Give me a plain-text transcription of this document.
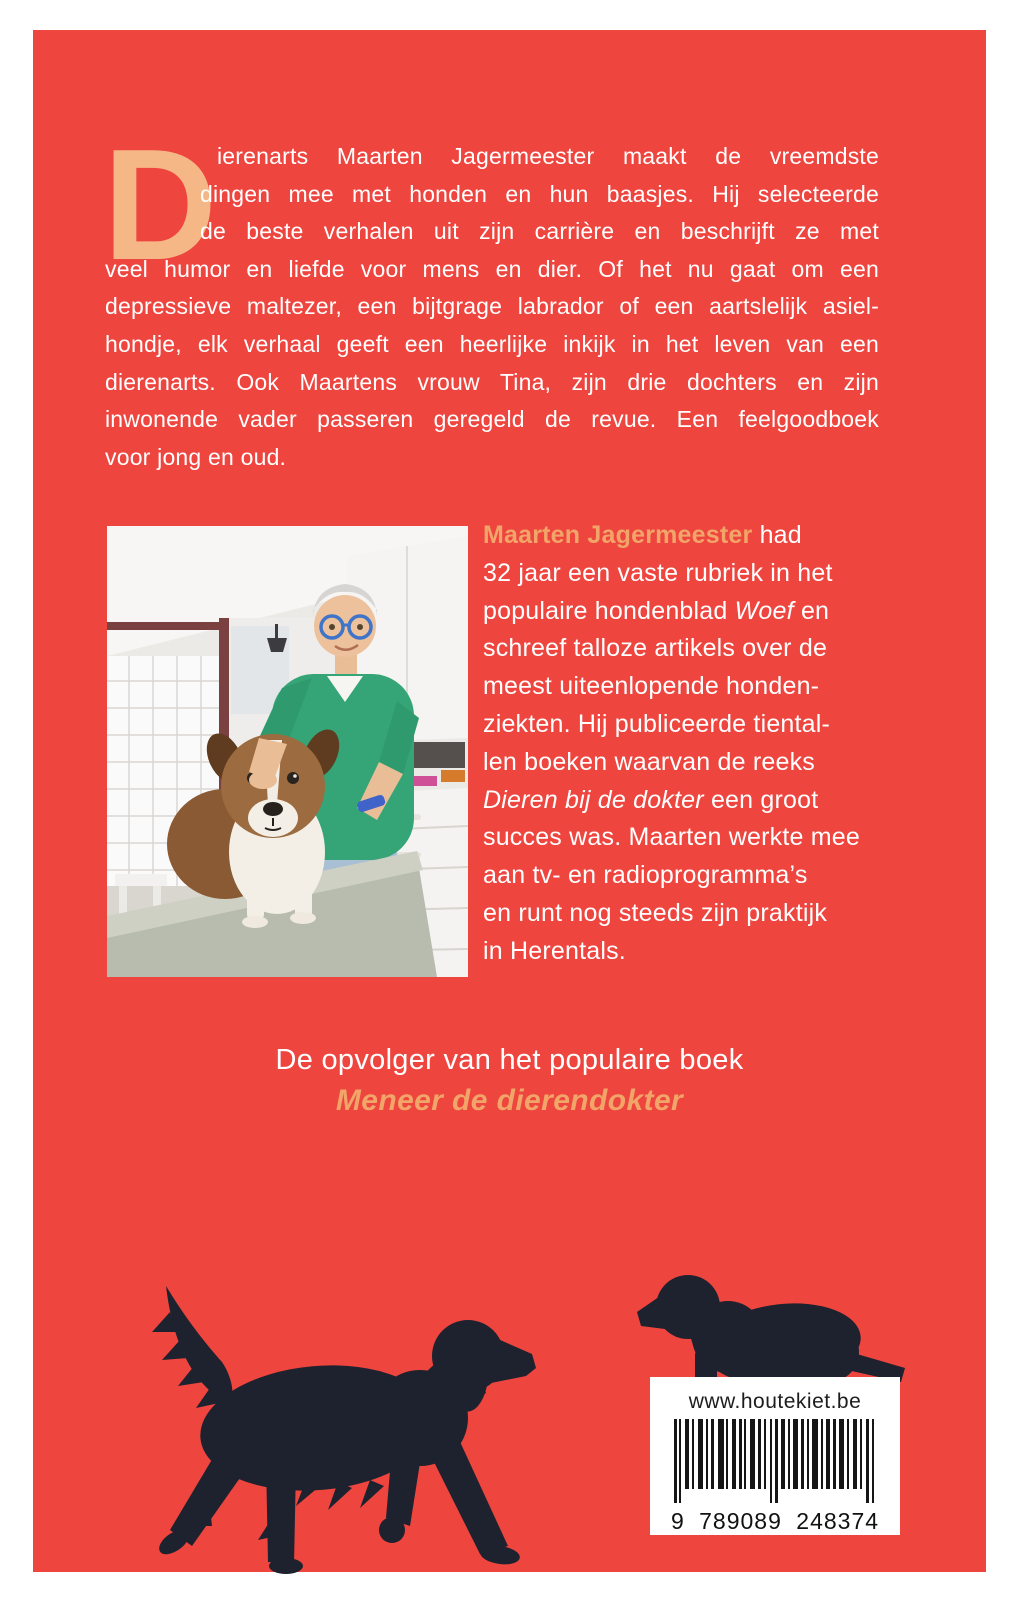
D ierenarts Maarten Jagermeester maakt de vreemdste
dingen mee met honden en hun baasjes. Hij selecteerde
de beste verhalen uit zijn carrière en beschrijft ze met
veel humor en liefde voor mens en dier. Of het nu gaat om een
depressieve maltezer, een bijtgrage labrador of een aartslelijk asiel-
hondje, elk verhaal geeft een heerlijke inkijk in het leven van een
dierenarts. Ook Maartens vrouw Tina, zijn drie dochters en zijn
inwonende vader passeren geregeld de revue. Een feelgoodboek
voor jong en oud.
Maarten Jagermeester had
32 jaar een vaste rubriek in het
populaire hondenblad Woef en
schreef talloze artikels over de
meest uiteenlopende honden-
ziekten. Hij publiceerde tiental-
len boeken waarvan de reeks
Dieren bij de dokter een groot
succes was. Maarten werkte mee
aan tv- en radioprogramma’s
en runt nog steeds zijn praktijk
in Herentals.
De opvolger van het populaire boek
Meneer de dierendokter
www.houtekiet.be
9 789089 248374
